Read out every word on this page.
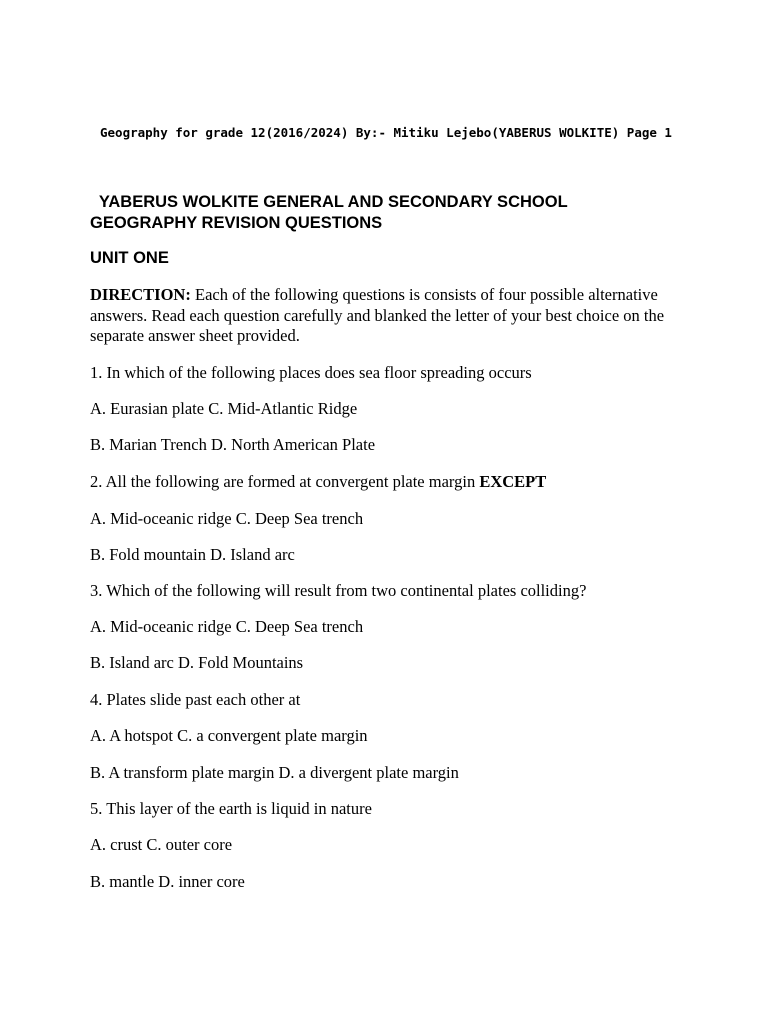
Geography for grade 12(2016/2024) By:- Mitiku Lejebo(YABERUS WOLKITE) Page 1
YABERUS WOLKITE GENERAL AND SECONDARY SCHOOL
GEOGRAPHY REVISION QUESTIONS
UNIT ONE
DIRECTION: Each of the following questions is consists of four possible alternative answers. Read each question carefully and blanked the letter of your best choice on the separate answer sheet provided.
1. In which of the following places does sea floor spreading occurs
A. Eurasian plate C. Mid-Atlantic Ridge
B. Marian Trench D. North American Plate
2. All the following are formed at convergent plate margin EXCEPT
A. Mid-oceanic ridge C. Deep Sea trench
B. Fold mountain D. Island arc
3. Which of the following will result from two continental plates colliding?
A. Mid-oceanic ridge C. Deep Sea trench
B. Island arc D. Fold Mountains
4. Plates slide past each other at
A. A hotspot C. a convergent plate margin
B. A transform plate margin D. a divergent plate margin
5. This layer of the earth is liquid in nature
A. crust C. outer core
B. mantle D. inner core
